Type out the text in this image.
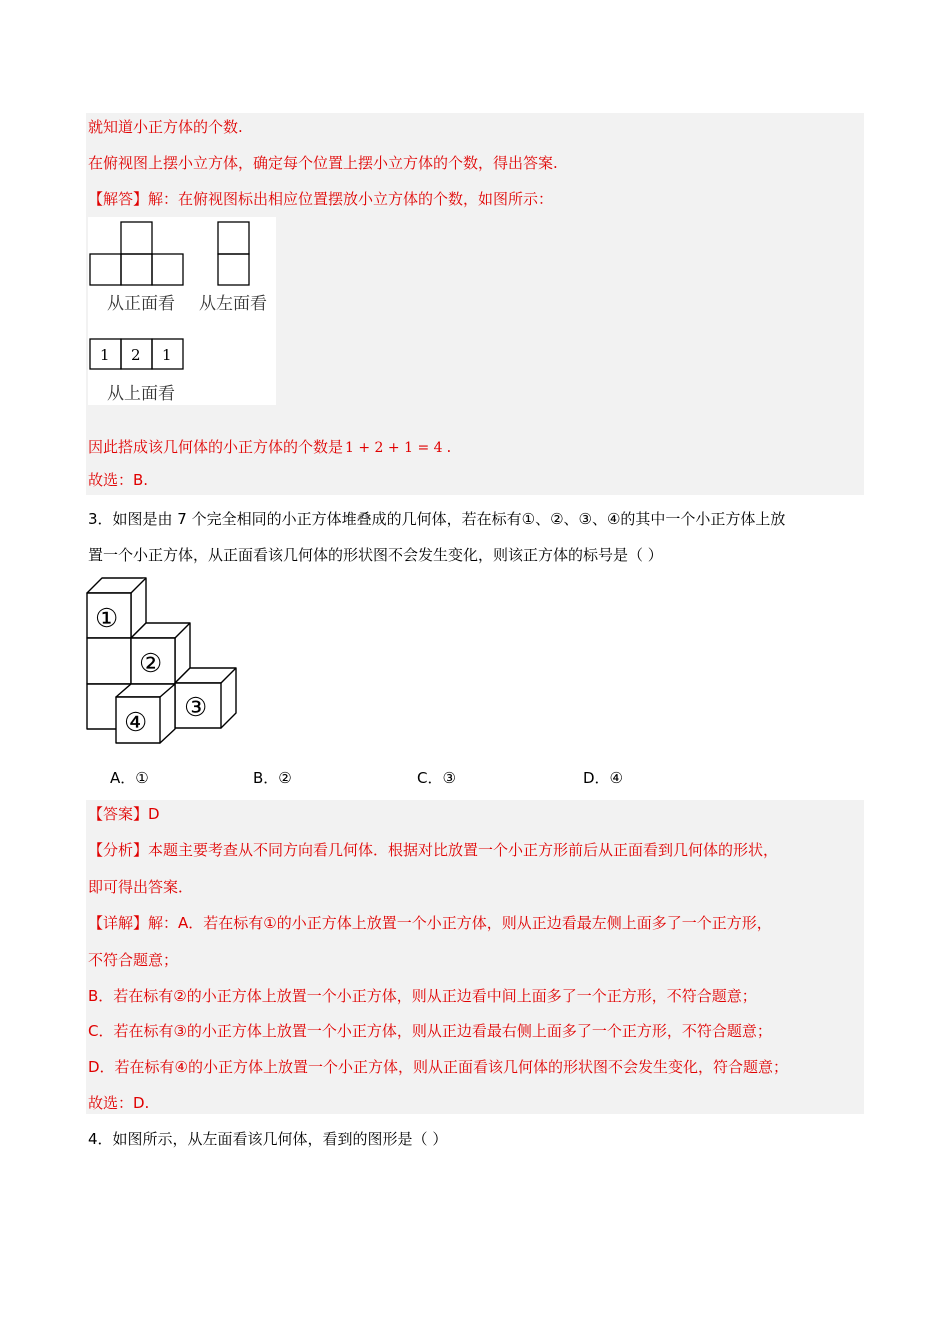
就知道小正方体的个数.
在俯视图上摆小立方体，确定每个位置上摆小立方体的个数，得出答案.
【解答】解：在俯视图标出相应位置摆放小立方体的个数，如图所示：
从正面看 从左面看
1 2 1
从上面看
因此搭成该几何体的小正方体的个数是 1 + 2 + 1 = 4 .
故选：B.
3．如图是由 7 个完全相同的小正方体堆叠成的几何体，若在标有①、②、③、④的其中一个小正方体上放
置一个小正方体，从正面看该几何体的形状图不会发生变化，则该正方体的标号是（ ）
①
②
③
④
A．①	B．②	C．③	D．④
【答案】D
【分析】本题主要考查从不同方向看几何体．根据对比放置一个小正方形前后从正面看到几何体的形状，
即可得出答案．
【详解】解：A．若在标有①的小正方体上放置一个小正方体，则从正边看最左侧上面多了一个正方形，
不符合题意；
B．若在标有②的小正方体上放置一个小正方体，则从正边看中间上面多了一个正方形，不符合题意；
C．若在标有③的小正方体上放置一个小正方体，则从正边看最右侧上面多了一个正方形，不符合题意；
D．若在标有④的小正方体上放置一个小正方体，则从正面看该几何体的形状图不会发生变化，符合题意；
故选：D.
4．如图所示，从左面看该几何体，看到的图形是（ ）
